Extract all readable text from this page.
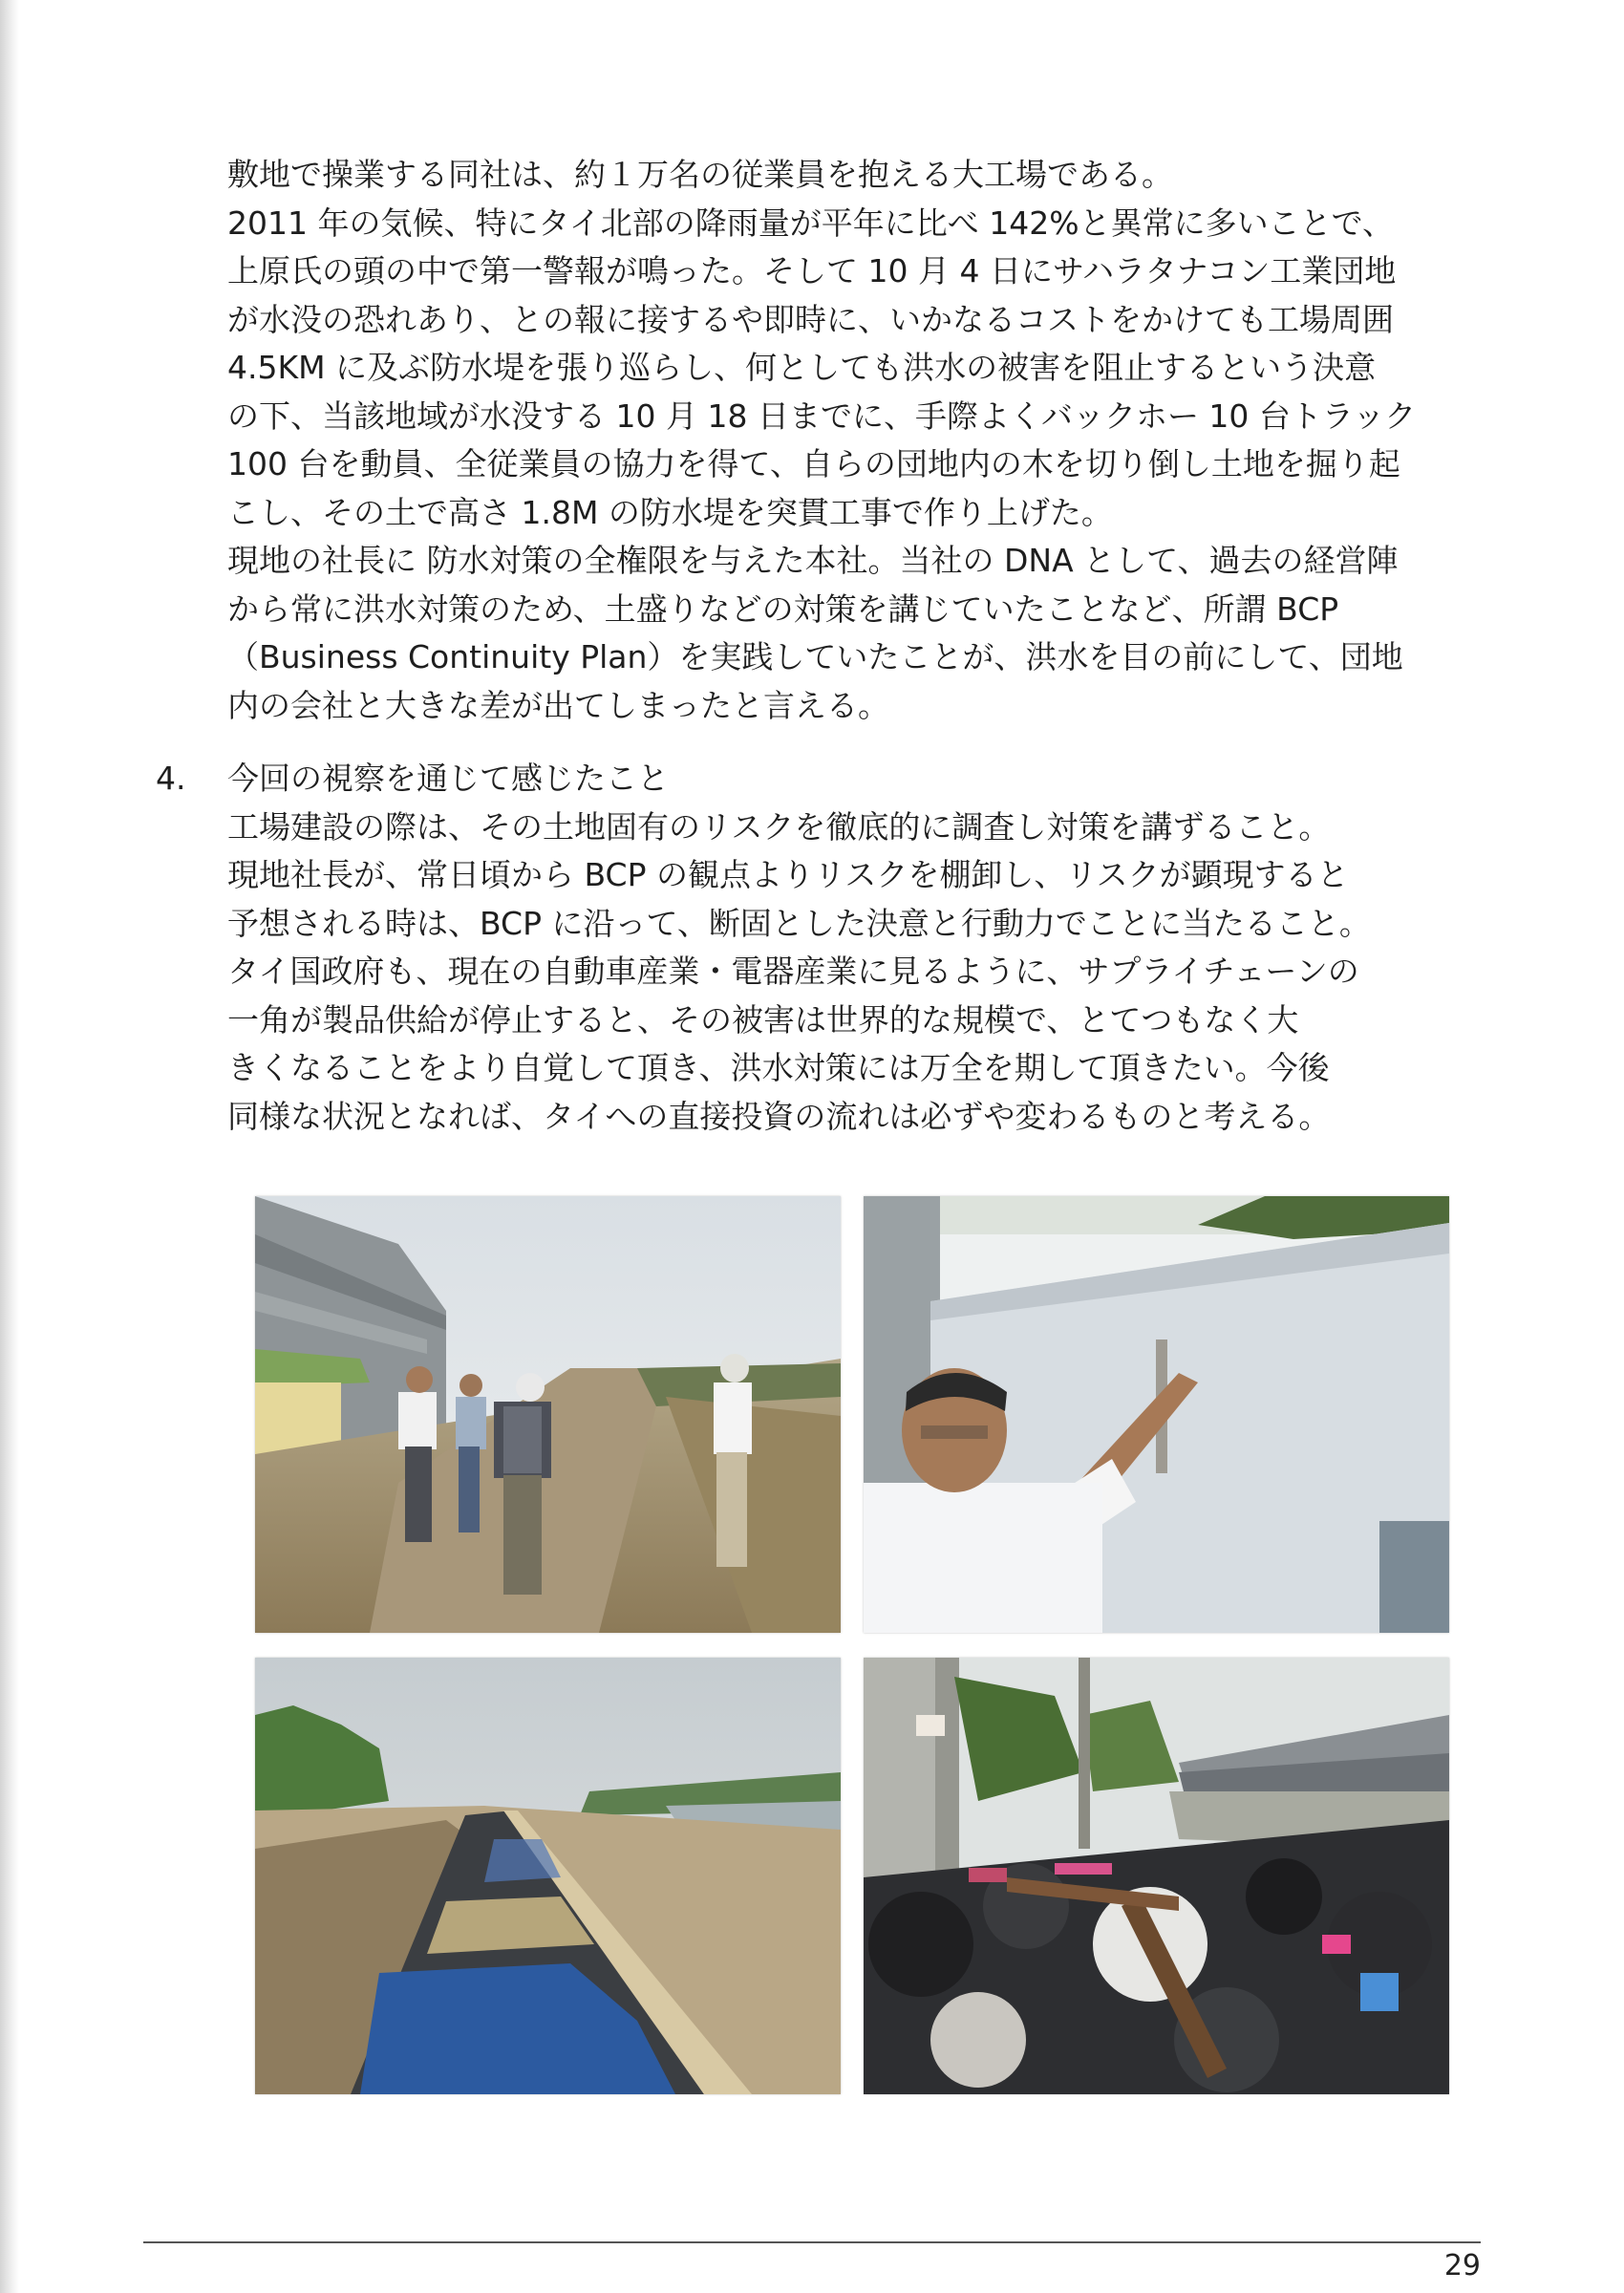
敷地で操業する同社は、約１万名の従業員を抱える大工場である。
2011 年の気候、特にタイ北部の降雨量が平年に比べ 142%と異常に多いことで、
上原氏の頭の中で第一警報が鳴った。そして 10 月 4 日にサハラタナコン工業団地
が水没の恐れあり、との報に接するや即時に、いかなるコストをかけても工場周囲
4.5KM に及ぶ防水堤を張り巡らし、何としても洪水の被害を阻止するという決意
の下、当該地域が水没する 10 月 18 日までに、手際よくバックホー 10 台トラック
100 台を動員、全従業員の協力を得て、自らの団地内の木を切り倒し土地を掘り起
こし、その土で高さ 1.8M の防水堤を突貫工事で作り上げた。
現地の社長に 防水対策の全権限を与えた本社。当社の DNA として、過去の経営陣
から常に洪水対策のため、土盛りなどの対策を講じていたことなど、所謂 BCP
（Business Continuity Plan）を実践していたことが、洪水を目の前にして、団地
内の会社と大きな差が出てしまったと言える。

4. 今回の視察を通じて感じたこと
工場建設の際は、その土地固有のリスクを徹底的に調査し対策を講ずること。
現地社長が、常日頃から BCP の観点よりリスクを棚卸し、リスクが顕現すると
予想される時は、BCP に沿って、断固とした決意と行動力でことに当たること。
タイ国政府も、現在の自動車産業・電器産業に見るように、サプライチェーンの
一角が製品供給が停止すると、その被害は世界的な規模で、とてつもなく大
きくなることをより自覚して頂き、洪水対策には万全を期して頂きたい。今後
同様な状況となれば、タイへの直接投資の流れは必ずや変わるものと考える。
29
